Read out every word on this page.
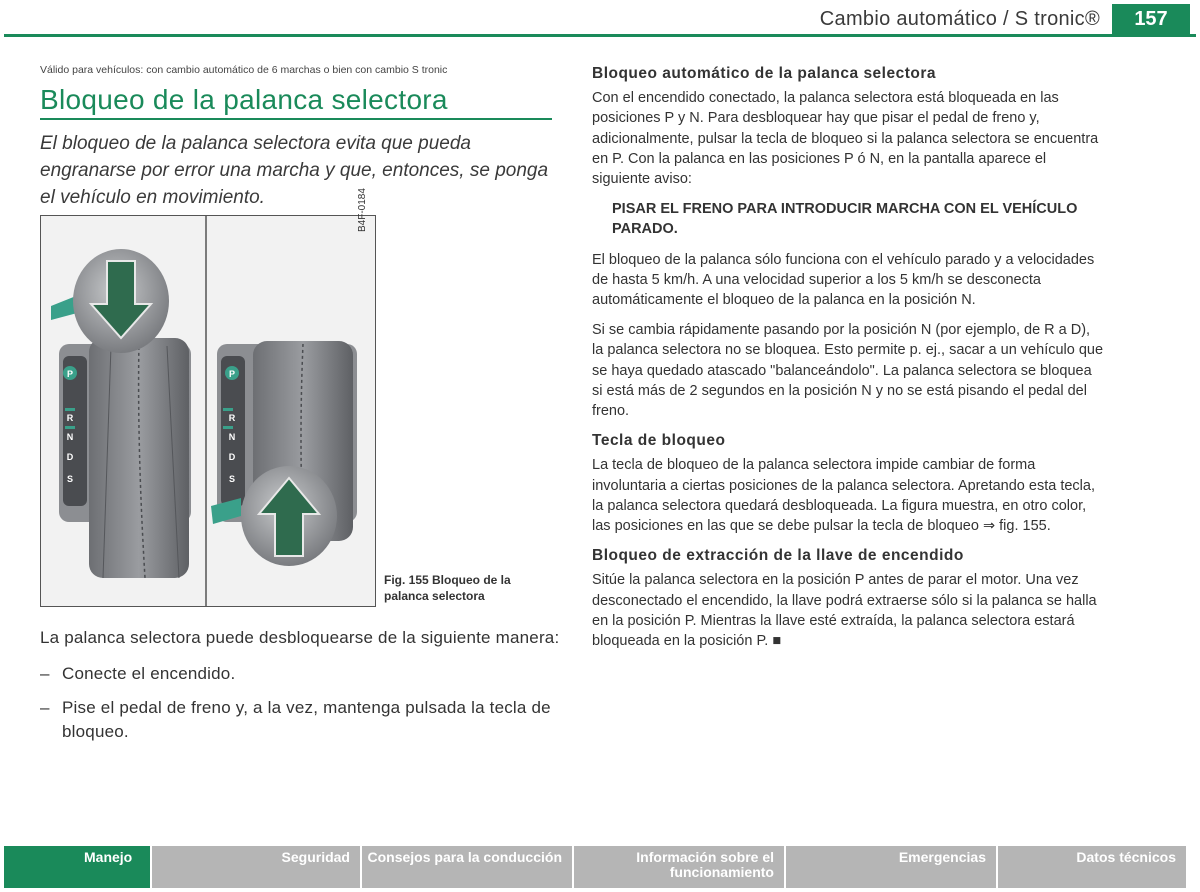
Cambio automático / S tronic®	157
Válido para vehículos: con cambio automático de 6 marchas o bien con cambio S tronic
Bloqueo de la palanca selectora
El bloqueo de la palanca selectora evita que pueda engranarse por error una marcha y que, entonces, se ponga el vehículo en movimiento.
P
R
N
D
S
P
R
N
D
S
B4F-0184
Fig. 155 Bloqueo de la palanca selectora

La palanca selectora puede desbloquearse de la siguiente manera:

– Conecte el encendido.
– Pise el pedal de freno y, a la vez, mantenga pulsada la tecla de bloqueo.
Bloqueo automático de la palanca selectora

Con el encendido conectado, la palanca selectora está bloqueada en las posiciones P y N. Para desbloquear hay que pisar el pedal de freno y, adicionalmente, pulsar la tecla de bloqueo si la palanca selectora se encuentra en P. Con la palanca en las posiciones P ó N, en la pantalla aparece el siguiente aviso:

PISAR EL FRENO PARA INTRODUCIR MARCHA CON EL VEHÍCULO PARADO.

El bloqueo de la palanca sólo funciona con el vehículo parado y a velocidades de hasta 5 km/h. A una velocidad superior a los 5 km/h se desconecta automáticamente el bloqueo de la palanca en la posición N.

Si se cambia rápidamente pasando por la posición N (por ejemplo, de R a D), la palanca selectora no se bloquea. Esto permite p. ej., sacar a un vehículo que se haya quedado atascado "balanceándolo". La palanca selectora se bloquea si está más de 2 segundos en la posición N y no se está pisando el pedal del freno.

Tecla de bloqueo

La tecla de bloqueo de la palanca selectora impide cambiar de forma involuntaria a ciertas posiciones de la palanca selectora. Apretando esta tecla, la palanca selectora quedará desbloqueada. La figura muestra, en otro color, las posiciones en las que se debe pulsar la tecla de bloqueo ⇒ fig. 155.

Bloqueo de extracción de la llave de encendido

Sitúe la palanca selectora en la posición P antes de parar el motor. Una vez desconectado el encendido, la llave podrá extraerse sólo si la palanca se halla en la posición P. Mientras la llave esté extraída, la palanca selectora estará bloqueada en la posición P. ■

Manejo	Seguridad	Consejos para la conducción	Información sobre el funcionamiento
Emergencias	Datos técnicos
